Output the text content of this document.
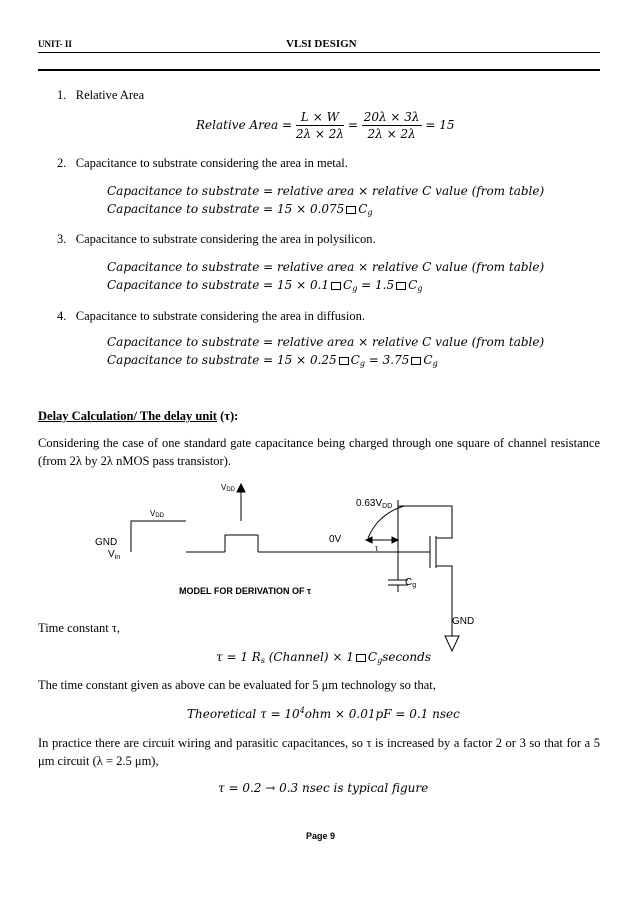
UNIT- II	VLSI DESIGN
1. Relative Area
Relative Area = $\frac{L \times W}{2\lambda \times 2\lambda} = \frac{20\lambda \times 3\lambda}{2\lambda \times 2\lambda} = 15$
2. Capacitance to substrate considering the area in metal.
Capacitance to substrate = relative area × relative C value (from table)
Capacitance to substrate = 15 × 0.075 $C_g$
3. Capacitance to substrate considering the area in polysilicon.
Capacitance to substrate = relative area × relative C value (from table)
Capacitance to substrate = 15 × 0.1 $C_g = 1.5$ $C_g$
4. Capacitance to substrate considering the area in diffusion.
Capacitance to substrate = relative area × relative C value (from table)
Capacitance to substrate = 15 × 0.25 $C_g = 3.75$ $C_g$
Delay Calculation/ The delay unit (τ):
Considering the case of one standard gate capacitance being charged through one square of channel resistance (from 2λ by 2λ nMOS pass transistor).
VDD
VDD
GND
$V_{in}$
$0.63V_{DD}$
0V
τ
$C_g$
MODEL FOR DERIVATION OF τ
GND
Time constant τ,
τ = 1 $R_s$ (Channel) × 1 $C_gseconds$
The time constant given as above can be evaluated for 5 μm technology so that,
Theoretical $\tau = 10^4ohm \times 0.01pF = 0.1$ nsec
In practice there are circuit wiring and parasitic capacitances, so τ is increased by a factor 2 or 3 so that for a 5 μm circuit (λ = 2.5 μm),
τ = 0.2 → 0.3 nsec is typical figure
Page 9
